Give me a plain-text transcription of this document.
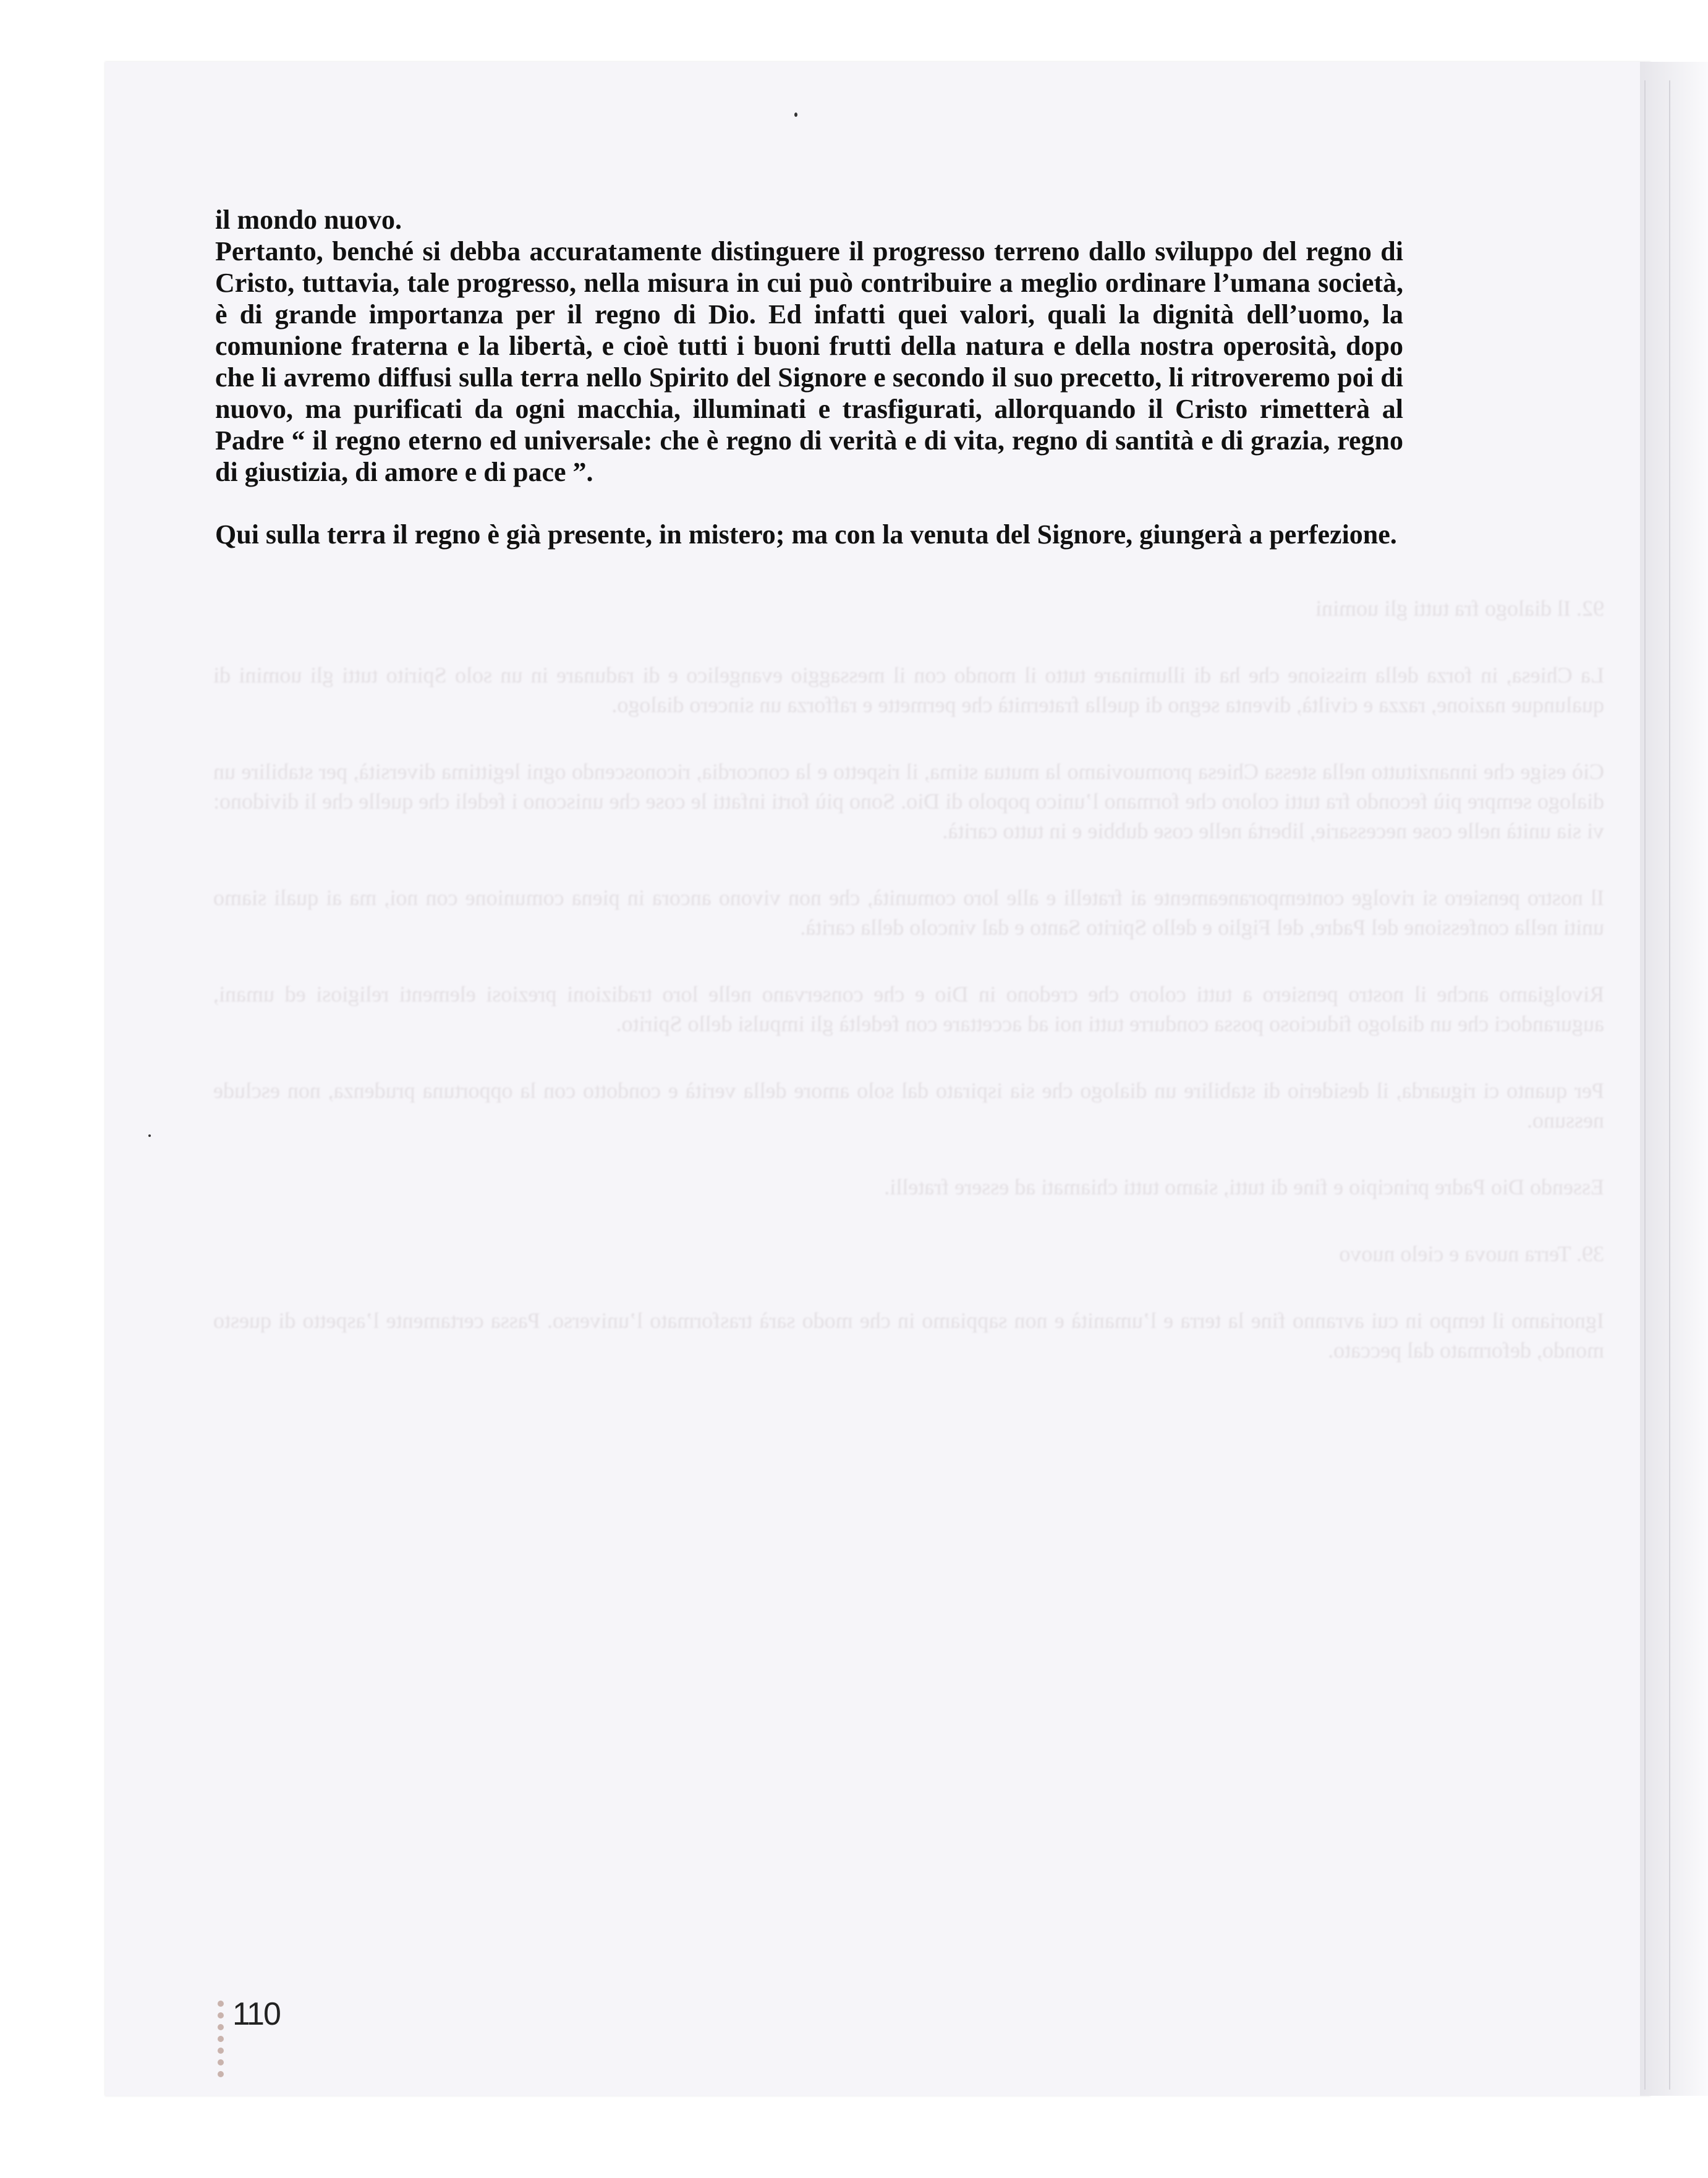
92. Il dialogo fra tutti gli uomini

La Chiesa, in forza della missione che ha di illuminare tutto il mondo con il messaggio evangelico e di radunare in un solo Spirito tutti gli uomini di qualunque nazione, razza e civiltà, diventa segno di quella fraternità che permette e rafforza un sincero dialogo.

Ciò esige che innanzitutto nella stessa Chiesa promuoviamo la mutua stima, il rispetto e la concordia, riconoscendo ogni legittima diversità, per stabilire un dialogo sempre più fecondo fra tutti coloro che formano l’unico popolo di Dio. Sono più forti infatti le cose che uniscono i fedeli che quelle che li dividono: vi sia unità nelle cose necessarie, libertà nelle cose dubbie e in tutto carità.

Il nostro pensiero si rivolge contemporaneamente ai fratelli e alle loro comunità, che non vivono ancora in piena comunione con noi, ma ai quali siamo uniti nella confessione del Padre, del Figlio e dello Spirito Santo e dal vincolo della carità.

Rivolgiamo anche il nostro pensiero a tutti coloro che credono in Dio e che conservano nelle loro tradizioni preziosi elementi religiosi ed umani, augurandoci che un dialogo fiducioso possa condurre tutti noi ad accettare con fedeltà gli impulsi dello Spirito.

Per quanto ci riguarda, il desiderio di stabilire un dialogo che sia ispirato dal solo amore della verità e condotto con la opportuna prudenza, non esclude nessuno.

Essendo Dio Padre principio e fine di tutti, siamo tutti chiamati ad essere fratelli.

39. Terra nuova e cielo nuovo

Ignoriamo il tempo in cui avranno fine la terra e l’umanità e non sappiamo in che modo sarà trasformato l’universo. Passa certamente l’aspetto di questo mondo, deformato dal peccato.

il mondo nuovo.

Pertanto, benché si debba accuratamente distinguere il progresso terreno dallo sviluppo del regno di Cristo, tuttavia, tale progresso, nella misura in cui può contribuire a meglio ordinare l’umana società, è di grande importanza per il regno di Dio. Ed infatti quei valori, quali la dignità dell’uomo, la comunione fraterna e la libertà, e cioè tutti i buoni frutti della natura e della nostra operosità, dopo che li avremo diffusi sulla terra nello Spirito del Signore e secondo il suo precetto, li ritroveremo poi di nuovo, ma purificati da ogni macchia, illuminati e trasfigurati, allorquando il Cristo rimetterà al Padre “ il regno eterno ed universale: che è regno di verità e di vita, regno di santità e di grazia, regno di giustizia, di amore e di pace ”.

Qui sulla terra il regno è già presente, in mistero; ma con la venuta del Signore, giungerà a perfezione.

110
